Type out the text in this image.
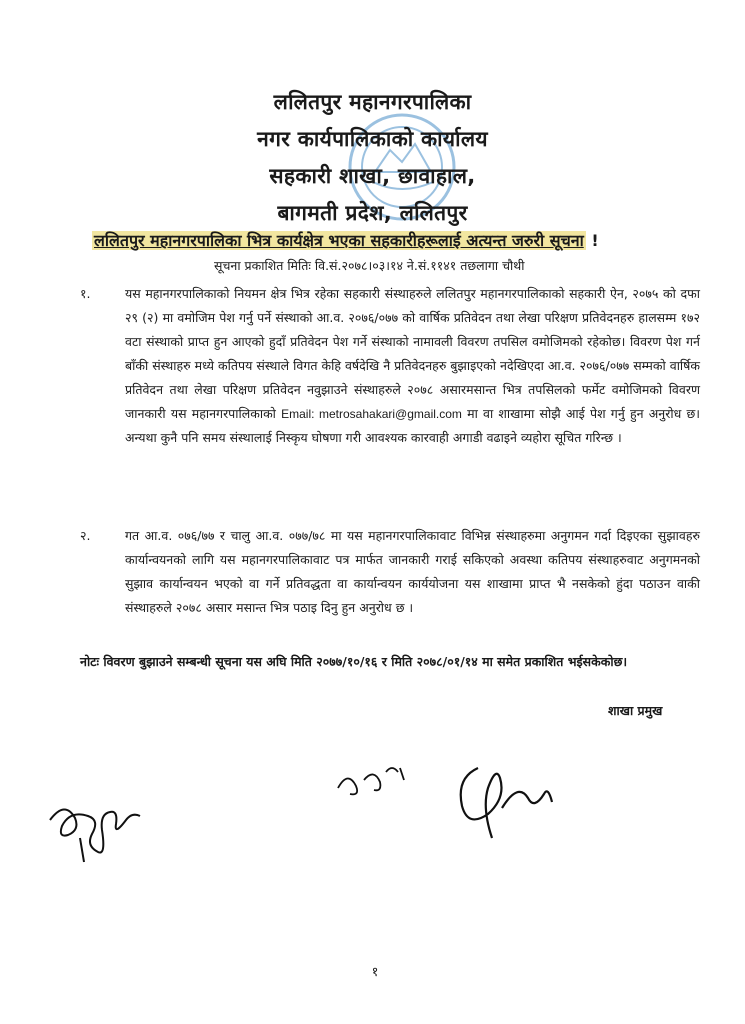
ललितपुर महानगरपालिका
नगर कार्यपालिकाको कार्यालय
सहकारी शाखा, छावाहाल,
बागमती प्रदेश, ललितपुर
ललितपुर महानगरपालिका भित्र कार्यक्षेत्र भएका सहकारीहरूलाई अत्यन्त जरुरी सूचना !
सूचना प्रकाशित मितिः वि.सं.२०७८।०३।१४ ने.सं.११४१ तछलागा चौथी
१.	यस महानगरपालिकाको नियमन क्षेत्र भित्र रहेका सहकारी संस्थाहरुले ललितपुर महानगरपालिकाको सहकारी ऐन, २०७५ को दफा २९ (२) मा वमोजिम पेश गर्नु पर्ने संस्थाको आ.व. २०७६/०७७ को वार्षिक प्रतिवेदन तथा लेखा परिक्षण प्रतिवेदनहरु हालसम्म १७२ वटा संस्थाको प्राप्त हुन आएको हुदाँ प्रतिवेदन पेश गर्ने संस्थाको नामावली विवरण तपसिल वमोजिमको रहेकोछ। विवरण पेश गर्न बाँकी संस्थाहरु मध्ये कतिपय संस्थाले विगत केहि वर्षदेखि नै प्रतिवेदनहरु बुझाइएको नदेखिएदा आ.व. २०७६/०७७ सम्मको वार्षिक प्रतिवेदन तथा लेखा परिक्षण प्रतिवेदन नवुझाउने संस्थाहरुले २०७८ असारमसान्त भित्र तपसिलको फर्मेट वमोजिमको विवरण जानकारी यस महानगरपालिकाको Email: metrosahakari@gmail.com मा वा शाखामा सोझै आई पेश गर्नु हुन अनुरोध छ। अन्यथा कुनै पनि समय संस्थालाई निस्कृय घोषणा गरी आवश्यक कारवाही अगाडी वढाइने व्यहोरा सूचित गरिन्छ ।
२.	गत आ.व. ०७६/७७ र चालु आ.व. ०७७/७८ मा यस महानगरपालिकावाट विभिन्न संस्थाहरुमा अनुगमन गर्दा दिइएका सुझावहरु कार्यान्वयनको लागि यस महानगरपालिकावाट पत्र मार्फत जानकारी गराई सकिएको अवस्था कतिपय संस्थाहरुवाट अनुगमनको सुझाव कार्यान्वयन भएको वा गर्ने प्रतिवद्धता वा कार्यान्वयन कार्ययोजना यस शाखामा प्राप्त भै नसकेको हुंदा पठाउन वाकी संस्थाहरुले २०७८ असार मसान्त भित्र पठाइ दिनु हुन अनुरोध छ ।
नोटः विवरण बुझाउने सम्बन्धी सूचना यस अघि मिति २०७७/१०/१६ र मिति २०७८/०१/१४ मा समेत प्रकाशित भईसकेकोछ।
शाखा प्रमुख
१
